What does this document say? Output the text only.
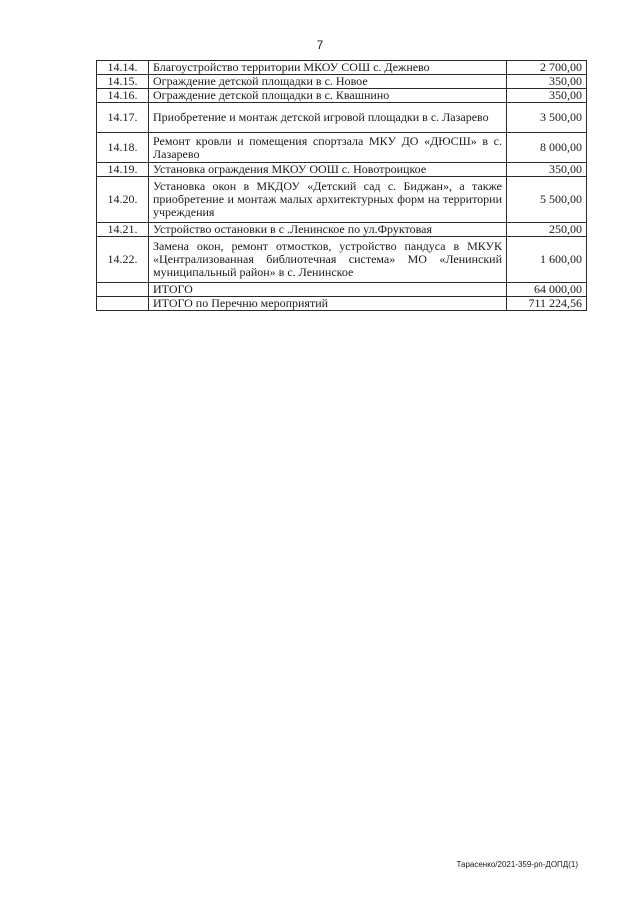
7
14.14.	Благоустройство территории МКОУ СОШ с. Дежнево	2 700,00
14.15.	Ограждение детской площадки в с. Новое	350,00
14.16.	Ограждение детской площадки в с. Квашнино	350,00
14.17.	Приобретение и монтаж детской игровой площадки в с. Лазарево	3 500,00
14.18.	Ремонт кровли и помещения спортзала МКУ ДО «ДЮСШ» в с. Лазарево	8 000,00
14.19.	Установка ограждения МКОУ ООШ с. Новотроицкое	350,00
14.20.	Установка окон в МКДОУ «Детский сад с. Биджан», а также приобретение и монтаж малых архитектурных форм на территории учреждения	5 500,00
14.21.	Устройство остановки в с .Ленинское по ул.Фруктовая	250,00
14.22.	Замена окон, ремонт отмостков, устройство пандуса в МКУК «Централизованная библиотечная система» МО «Ленинский муниципальный район» в с. Ленинское	1 600,00
	ИТОГО	64 000,00
	ИТОГО по Перечню мероприятий	711 224,56
Тарасенко/2021-359-рп-ДОПД(1)
